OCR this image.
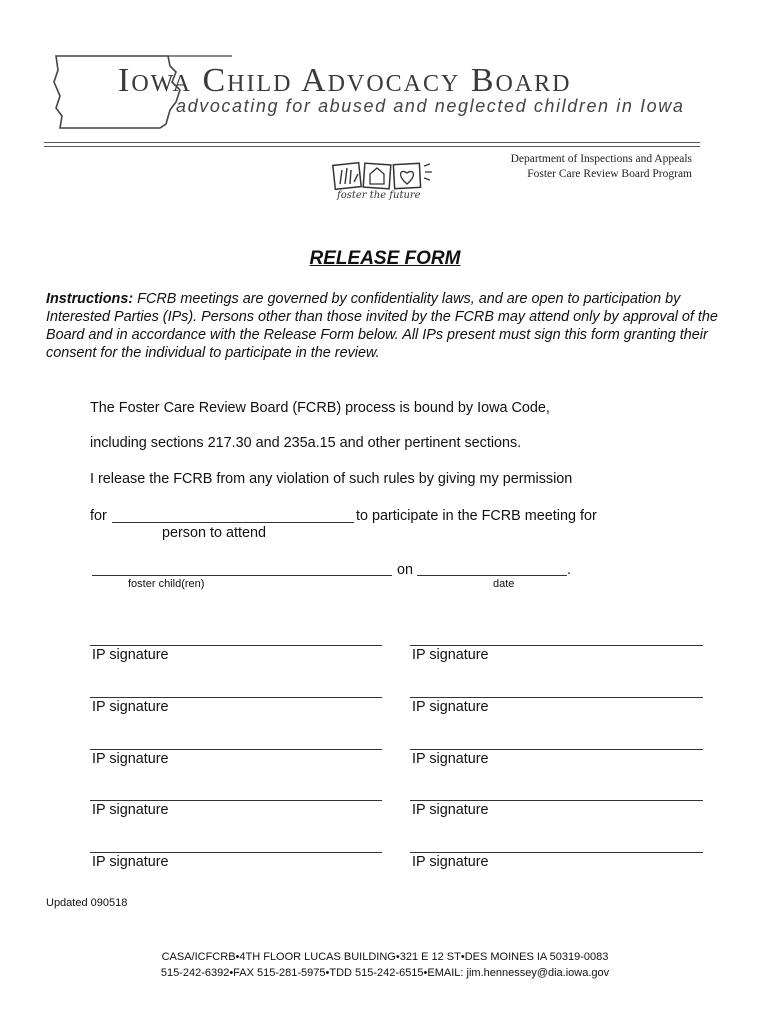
Iowa Child Advocacy Board
advocating for abused and neglected children in Iowa
Department of Inspections and Appeals
Foster Care Review Board Program
foster the future
RELEASE FORM
Instructions: FCRB meetings are governed by confidentiality laws, and are open to participation by Interested Parties (IPs). Persons other than those invited by the FCRB may attend only by approval of the Board and in accordance with the Release Form below. All IPs present must sign this form granting their consent for the individual to participate in the review.
The Foster Care Review Board (FCRB) process is bound by Iowa Code,
including sections 217.30 and 235a.15 and other pertinent sections.
I release the FCRB from any violation of such rules by giving my permission
for	to participate in the FCRB meeting for
person to attend
on	.
foster child(ren)	date
IP signature	IP signature
IP signature	IP signature
IP signature	IP signature
IP signature	IP signature
IP signature	IP signature
Updated 090518
CASA/ICFCRB•4TH FLOOR LUCAS BUILDING•321 E 12 ST•DES MOINES IA 50319-0083
515-242-6392•FAX 515-281-5975•TDD 515-242-6515•EMAIL: jim.hennessey@dia.iowa.gov
